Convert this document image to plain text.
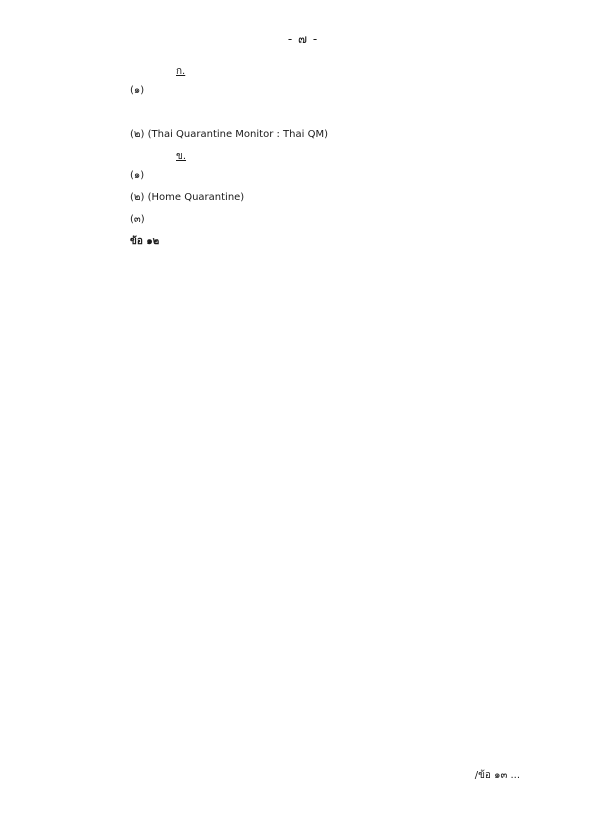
- ๗ -
ก.

(๑)

(๒) (Thai Quarantine Monitor : Thai QM)

ข.

(๑)

(๒) (Home Quarantine)

(๓)

ข้อ ๑๒

/ข้อ ๑๓ ...
